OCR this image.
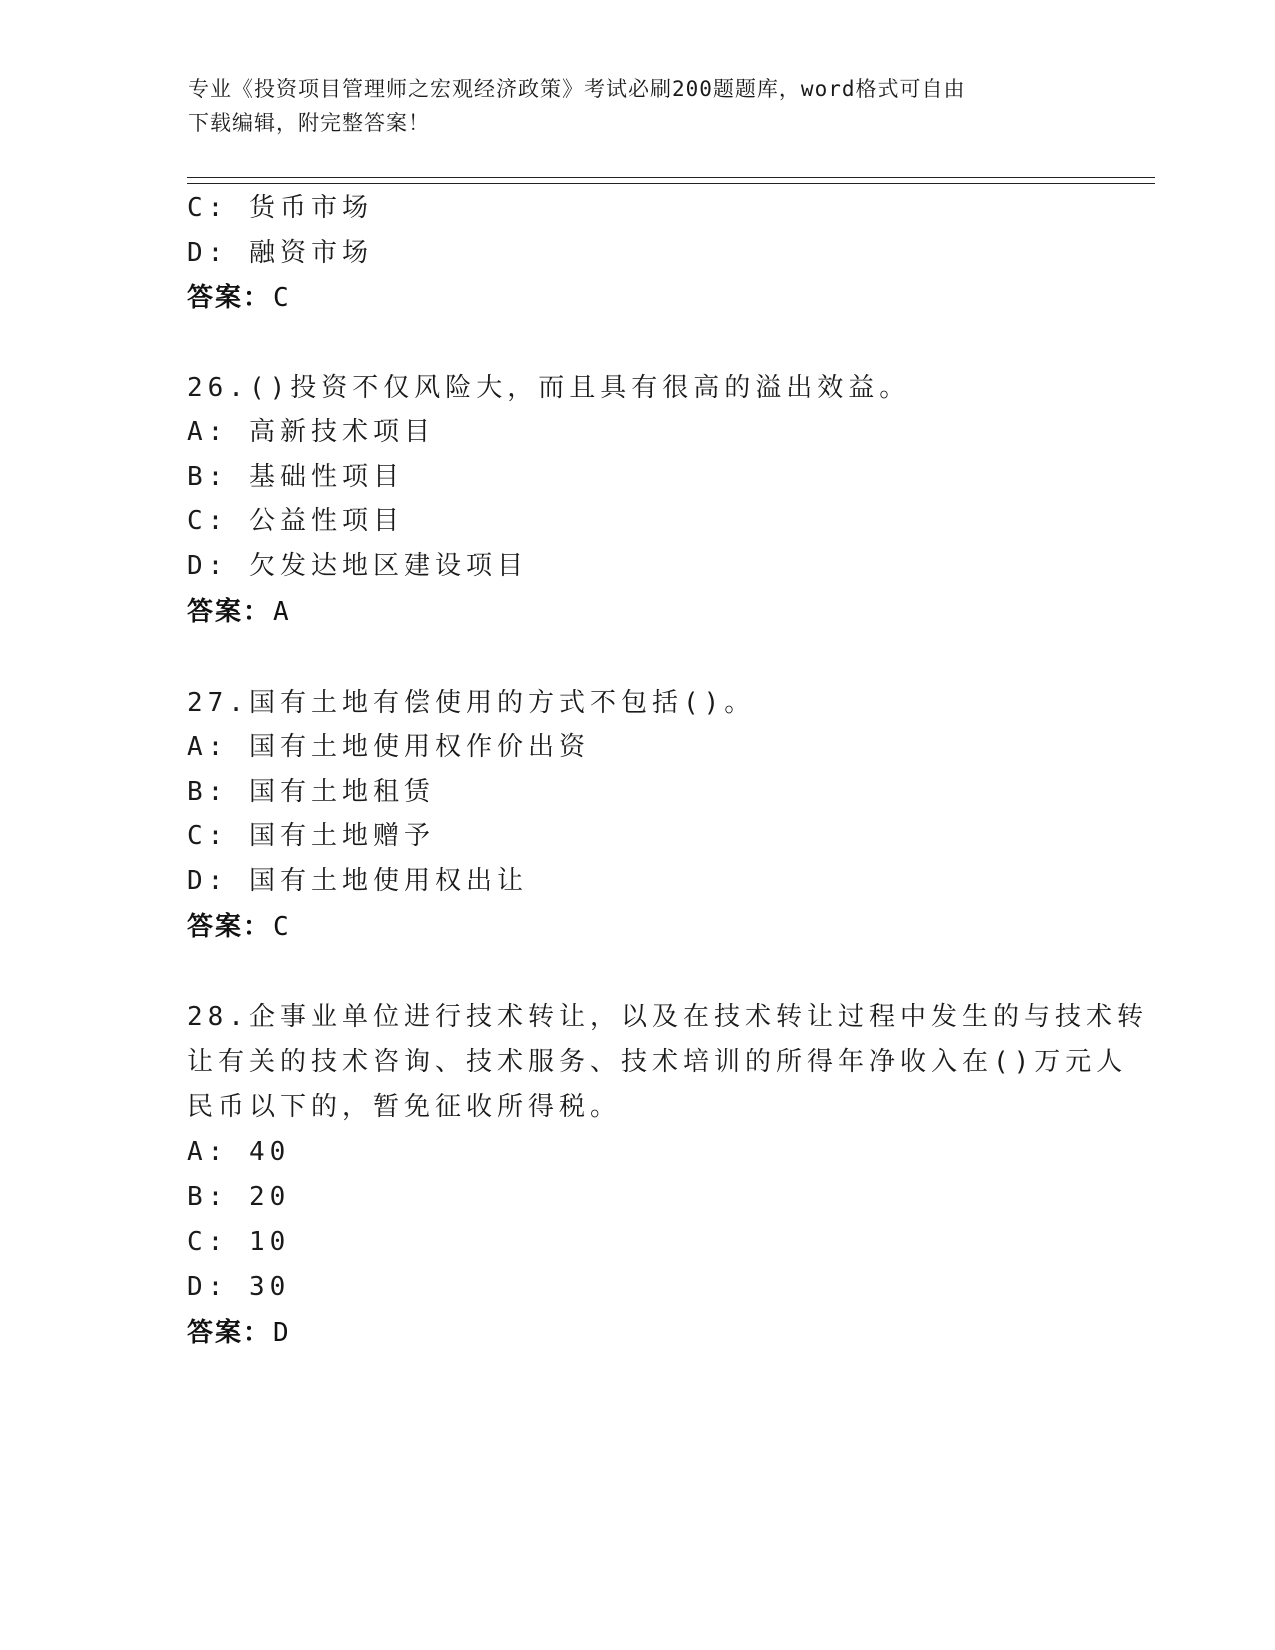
专业《投资项目管理师之宏观经济政策》考试必刷200题题库，word格式可自由
下载编辑，附完整答案！
C: 货币市场
D: 融资市场
答案：C
26.()投资不仅风险大，而且具有很高的溢出效益。
A: 高新技术项目
B: 基础性项目
C: 公益性项目
D: 欠发达地区建设项目
答案：A
27.国有土地有偿使用的方式不包括()。
A: 国有土地使用权作价出资
B: 国有土地租赁
C: 国有土地赠予
D: 国有土地使用权出让
答案：C
28.企事业单位进行技术转让，以及在技术转让过程中发生的与技术转
让有关的技术咨询、技术服务、技术培训的所得年净收入在()万元人
民币以下的，暂免征收所得税。
A: 40
B: 20
C: 10
D: 30
答案：D
